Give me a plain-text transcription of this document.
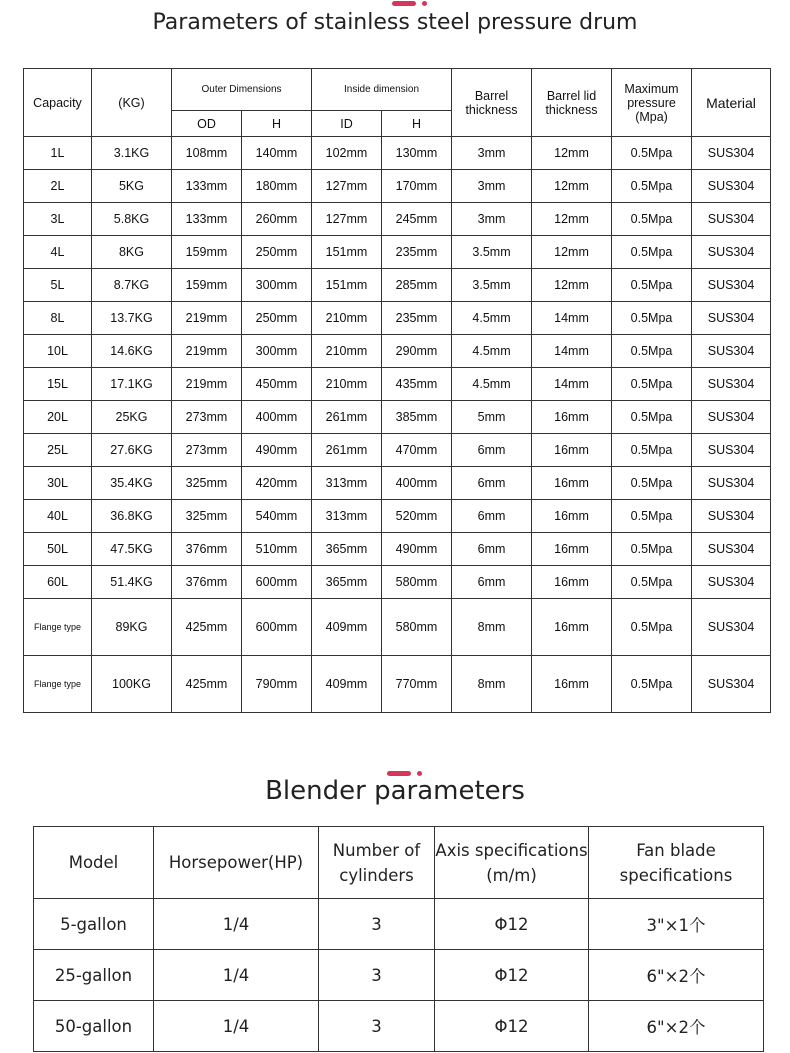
Parameters of stainless steel pressure drum
Capacity	(KG)	Outer Dimensions		Inside dimension		Barrel thickness	Barrel lid thickness	Maximum pressure (Mpa)	Material
		OD	H	ID	H				
1L	3.1KG	108mm	140mm	102mm	130mm	3mm	12mm	0.5Mpa	SUS304
2L	5KG	133mm	180mm	127mm	170mm	3mm	12mm	0.5Mpa	SUS304
3L	5.8KG	133mm	260mm	127mm	245mm	3mm	12mm	0.5Mpa	SUS304
4L	8KG	159mm	250mm	151mm	235mm	3.5mm	12mm	0.5Mpa	SUS304
5L	8.7KG	159mm	300mm	151mm	285mm	3.5mm	12mm	0.5Mpa	SUS304
8L	13.7KG	219mm	250mm	210mm	235mm	4.5mm	14mm	0.5Mpa	SUS304
10L	14.6KG	219mm	300mm	210mm	290mm	4.5mm	14mm	0.5Mpa	SUS304
15L	17.1KG	219mm	450mm	210mm	435mm	4.5mm	14mm	0.5Mpa	SUS304
20L	25KG	273mm	400mm	261mm	385mm	5mm	16mm	0.5Mpa	SUS304
25L	27.6KG	273mm	490mm	261mm	470mm	6mm	16mm	0.5Mpa	SUS304
30L	35.4KG	325mm	420mm	313mm	400mm	6mm	16mm	0.5Mpa	SUS304
40L	36.8KG	325mm	540mm	313mm	520mm	6mm	16mm	0.5Mpa	SUS304
50L	47.5KG	376mm	510mm	365mm	490mm	6mm	16mm	0.5Mpa	SUS304
60L	51.4KG	376mm	600mm	365mm	580mm	6mm	16mm	0.5Mpa	SUS304
Flange type	89KG	425mm	600mm	409mm	580mm	8mm	16mm	0.5Mpa	SUS304
Flange type	100KG	425mm	790mm	409mm	770mm	8mm	16mm	0.5Mpa	SUS304
Blender parameters
Model	Horsepower(HP)	Number of cylinders	Axis specifications (m/m)	Fan blade specifications
5-gallon	1/4	3	Φ12	3"×1个
25-gallon	1/4	3	Φ12	6"×2个
50-gallon	1/4	3	Φ12	6"×2个
